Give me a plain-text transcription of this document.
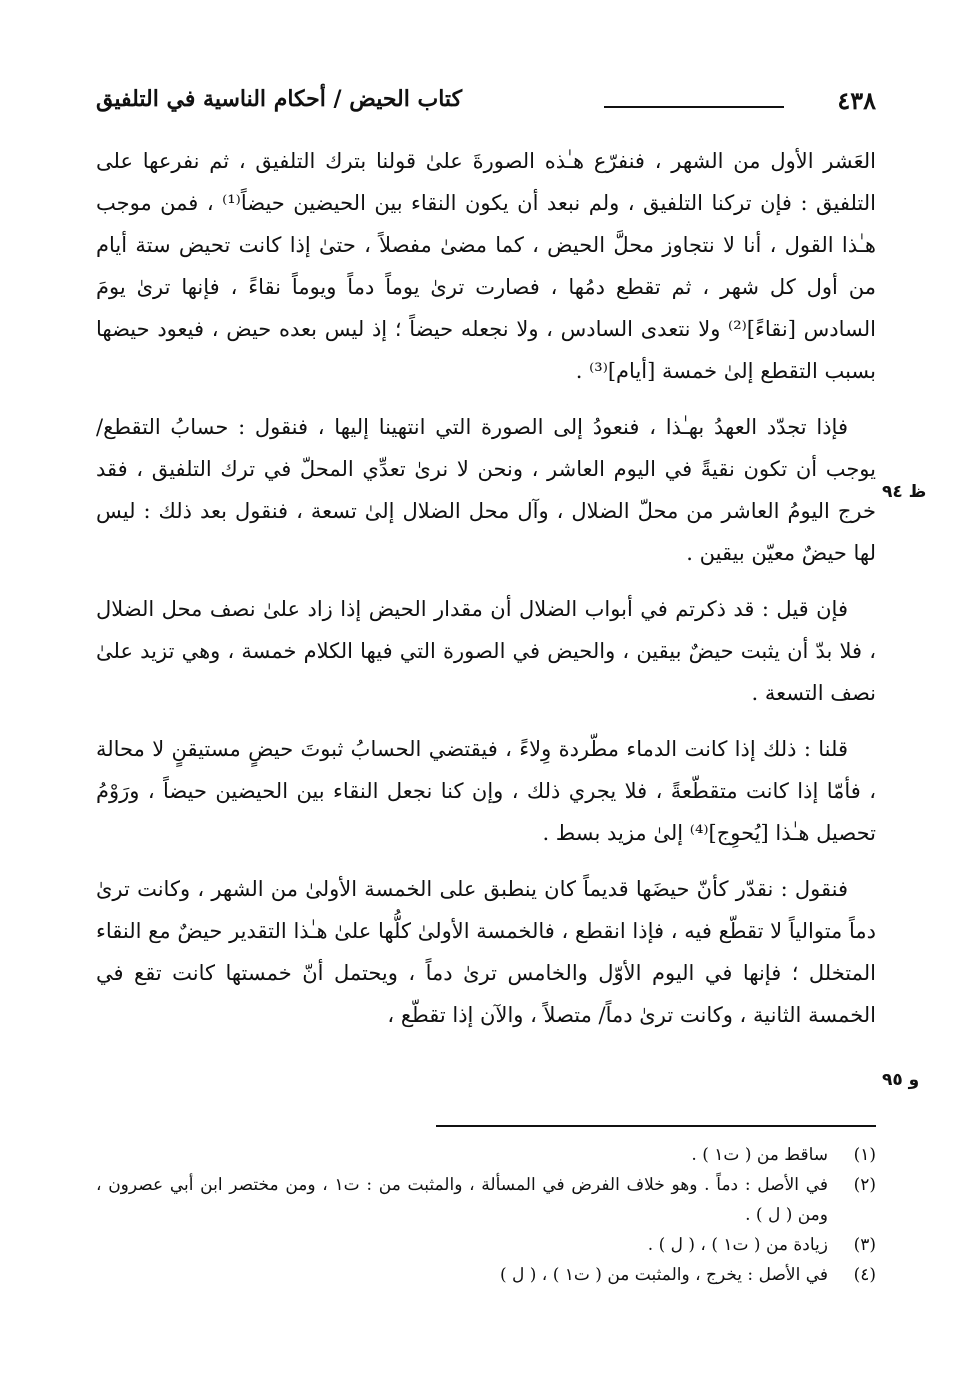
٤٣٨
كتاب الحيض / أحكام الناسية في التلفيق

العَشر الأول من الشهر ، فنفرّع هـٰذه الصورةَ علىٰ قولنا بترك التلفيق ، ثم نفرعها على التلفيق : فإن تركنا التلفيق ، ولم نبعد أن يكون النقاء بين الحيضين حيضاً⁽¹⁾ ، فمن موجب هـٰذا القول ، أنا لا نتجاوز محلَّ الحيض ، كما مضىٰ مفصلاً ، حتىٰ إذا كانت تحيض ستة أيام من أول كل شهر ، ثم تقطع دمُها ، فصارت ترىٰ يوماً دماً ويوماً نقاءً ، فإنها ترىٰ يومَ السادس [نقاءً]⁽²⁾ ولا نتعدى السادس ، ولا نجعله حيضاً ؛ إذ ليس بعده حيض ، فيعود حيضها بسبب التقطع إلىٰ خمسة [أيام]⁽³⁾ .

فإذا تجدّد العهدُ بهـٰذا ، فنعودُ إلى الصورة التي انتهينا إليها ، فنقول : حسابُ التقطع/ يوجب أن تكون نقيةً في اليوم العاشر ، ونحن لا نرىٰ تعدِّي المحلّ في ترك التلفيق ، فقد خرج اليومُ العاشر من محلّ الضلال ، وآل محل الضلال إلىٰ تسعة ، فنقول بعد ذلك : ليس لها حيضٌ معيّن بيقين .

فإن قيل : قد ذكرتم في أبواب الضلال أن مقدار الحيض إذا زاد علىٰ نصف محل الضلال ، فلا بدّ أن يثبت حيضٌ بيقين ، والحيض في الصورة التي فيها الكلام خمسة ، وهي تزيد علىٰ نصف التسعة .

قلنا : ذلك إذا كانت الدماء مطّردة وِلاءً ، فيقتضي الحسابُ ثبوتَ حيضٍ مستيقنٍ لا محالة ، فأمّا إذا كانت متقطّعةً ، فلا يجري ذلك ، وإن كنا نجعل النقاء بين الحيضين حيضاً ، ورَوْمُ تحصيل هـٰذا [يُحوِج]⁽⁴⁾ إلىٰ مزيد بسط .

فنقول : نقدّر كأنّ حيضَها قديماً كان ينطبق على الخمسة الأولىٰ من الشهر ، وكانت ترىٰ دماً متوالياً لا تقطّع فيه ، فإذا انقطع ، فالخمسة الأولىٰ كلُّها علىٰ هـٰذا التقدير حيضٌ مع النقاء المتخلل ؛ فإنها في اليوم الأوّل والخامس ترىٰ دماً ، ويحتمل أنّ خمستها كانت تقع في الخمسة الثانية ، وكانت ترىٰ دماً/ متصلاً ، والآن إذا تقطّع ،

ظ ٩٤
و ٩٥
(١)
ساقط من ( ت١ ) .
(٢)
في الأصل : دماً . وهو خلاف الفرض في المسألة ، والمثبت من : ت١ ، ومن مختصر ابن أبي عصرون ، ومن ( ل ) .
(٣)
زيادة من ( ت١ ) ، ( ل ) .
(٤)
في الأصل : يخرج ، والمثبت من ( ت١ ) ، ( ل )
